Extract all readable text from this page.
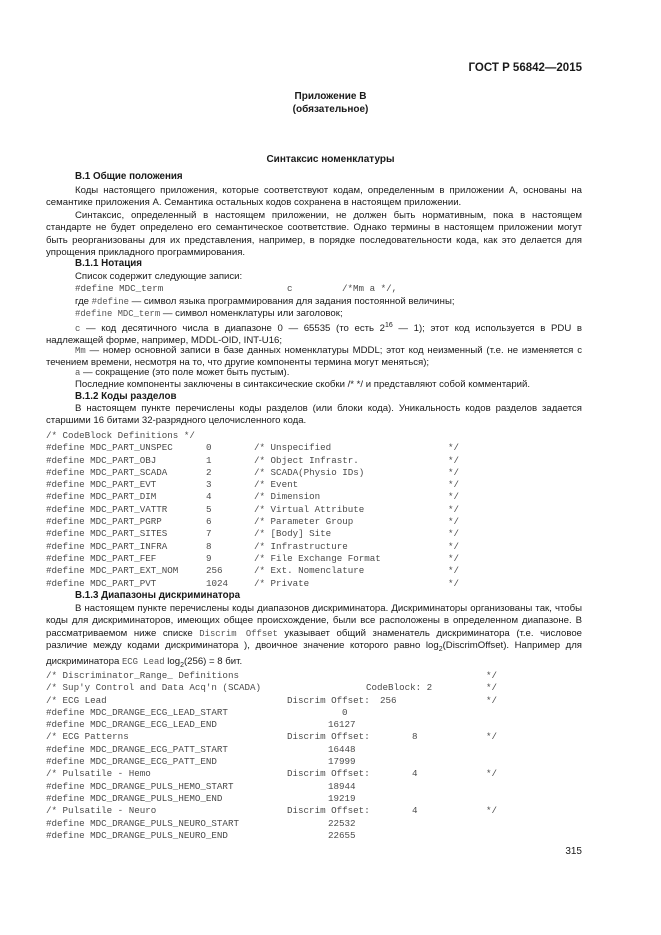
ГОСТ Р 56842—2015
Приложение В
(обязательное)
Синтаксис номенклатуры
В.1 Общие положения
Коды настоящего приложения, которые соответствуют кодам, определенным в приложении А, основаны на семантике приложения А. Семантика остальных кодов сохранена в настоящем приложении.
Синтаксис, определенный в настоящем приложении, не должен быть нормативным, пока в настоящем стандарте не будет определено его семантическое соответствие. Однако термины в настоящем приложении могут быть реорганизованы для их представления, например, в порядке последовательности кода, как это делается для упрощения прикладного программирования.
В.1.1 Нотация
Список содержит следующие записи:
#define MDC_term	c	/*Mm a */,
где #define — символ языка программирования для задания постоянной величины;
#define MDC_term — символ номенклатуры или заголовок;
c — код десятичного числа в диапазоне 0 — 65535 (то есть $2^{16}$ — 1); этот код используется в PDU в надлежащей форме, например, MDDL-OID, INT-U16;
Mm — номер основной записи в базе данных номенклатуры MDDL; этот код неизменный (т.е. не изменяется с течением времени, несмотря на то, что другие компоненты термина могут меняться);
a — сокращение (это поле может быть пустым).
Последние компоненты заключены в синтаксические скобки /* */ и представляют собой комментарий.
В.1.2 Коды разделов
В настоящем пункте перечислены коды разделов (или блоки кода). Уникальность кодов разделов задается старшими 16 битами 32-разрядного целочисленного кода.
/* CodeBlock Definitions */
#define MDC_PART_UNSPEC	0	/* Unspecified	*/
#define MDC_PART_OBJ	1	/* Object Infrastr.	*/
#define MDC_PART_SCADA	2	/* SCADA(Physio IDs)	*/
#define MDC_PART_EVT	3	/* Event	*/
#define MDC_PART_DIM	4	/* Dimension	*/
#define MDC_PART_VATTR	5	/* Virtual Attribute	*/
#define MDC_PART_PGRP	6	/* Parameter Group	*/
#define MDC_PART_SITES	7	/* [Body] Site	*/
#define MDC_PART_INFRA	8	/* Infrastructure	*/
#define MDC_PART_FEF	9	/* File Exchange Format	*/
#define MDC_PART_EXT_NOM	256	/* Ext. Nomenclature	*/
#define MDC_PART_PVT	1024	/* Private	*/
В.1.3 Диапазоны дискриминатора
В настоящем пункте перечислены коды диапазонов дискриминатора. Дискриминаторы организованы так, чтобы коды для дискриминаторов, имеющих общее происхождение, были все расположены в определенном диапазоне. В рассматриваемом ниже списке Discrim Offset указывает общий знаменатель дискриминатора (т.е. числовое различие между кодами дискриминатора ), двоичное значение которого равно $\log_2(DiscrimOffset)$. Например для дискриминатора ECG Lead $\log_2(256) = 8$ бит.
/* Discriminator_Range_ Definitions	*/
/* Sup'y Control and Data Acq'n (SCADA)	CodeBlock: 2	*/
/* ECG Lead	Discrim Offset: 256	*/
#define MDC_DRANGE_ECG_LEAD_START	0
#define MDC_DRANGE_ECG_LEAD_END	16127
/* ECG Patterns	Discrim Offset:	8	*/
#define MDC_DRANGE_ECG_PATT_START	16448
#define MDC_DRANGE_ECG_PATT_END	17999
/* Pulsatile - Hemo	Discrim Offset:	4	*/
#define MDC_DRANGE_PULS_HEMO_START	18944
#define MDC_DRANGE_PULS_HEMO_END	19219
/* Pulsatile - Neuro	Discrim Offset:	4	*/
#define MDC_DRANGE_PULS_NEURO_START	22532
#define MDC_DRANGE_PULS_NEURO_END	22655
315
